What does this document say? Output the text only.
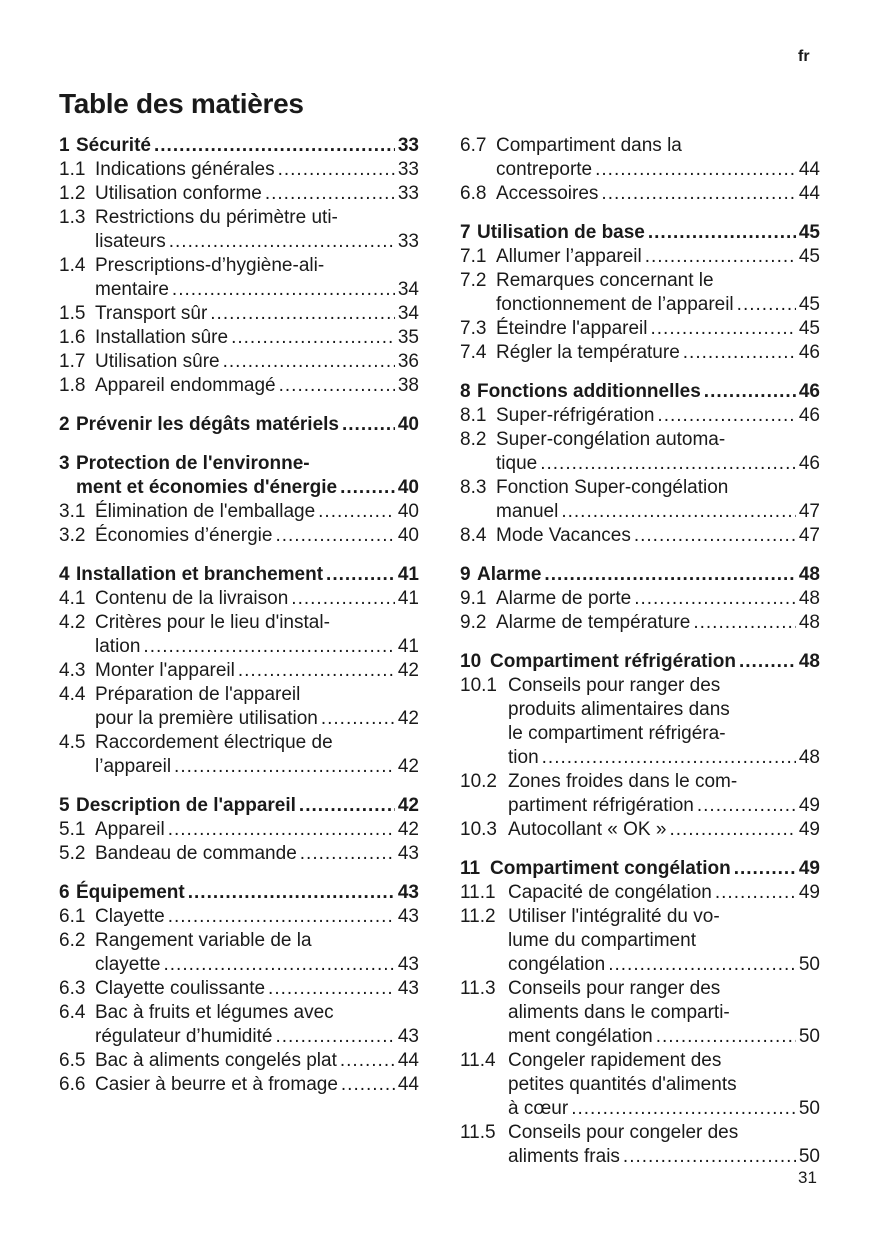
fr
Table des matières
1 Sécurité .....	33
1.1 Indications générales .....	33
1.2 Utilisation conforme .....	33
1.3 Restrictions du périmètre uti-
lisateurs .....	33
1.4 Prescriptions-d’hygiène-ali-
mentaire .....	34
1.5 Transport sûr .....	34
1.6 Installation sûre .....	35
1.7 Utilisation sûre .....	36
1.8 Appareil endommagé .....	38
2 Prévenir les dégâts matériels .....	40
3 Protection de l'environne-
ment et économies d'énergie .....	40
3.1 Élimination de l'emballage .....	40
3.2 Économies d’énergie .....	40
4 Installation et branchement .....	41
4.1 Contenu de la livraison .....	41
4.2 Critères pour le lieu d'instal-
lation .....	41
4.3 Monter l'appareil .....	42
4.4 Préparation de l'appareil
pour la première utilisation .....	42
4.5 Raccordement électrique de
l’appareil .....	42
5 Description de l'appareil .....	42
5.1 Appareil .....	42
5.2 Bandeau de commande .....	43
6 Équipement .....	43
6.1 Clayette .....	43
6.2 Rangement variable de la
clayette .....	43
6.3 Clayette coulissante .....	43
6.4 Bac à fruits et légumes avec
régulateur d’humidité .....	43
6.5 Bac à aliments congelés plat .....	44
6.6 Casier à beurre et à fromage .....	44
6.7 Compartiment dans la
contreporte .....	44
6.8 Accessoires .....	44
7 Utilisation de base .....	45
7.1 Allumer l’appareil .....	45
7.2 Remarques concernant le
fonctionnement de l’appareil .....	45
7.3 Éteindre l'appareil .....	45
7.4 Régler la température .....	46
8 Fonctions additionnelles .....	46
8.1 Super-réfrigération .....	46
8.2 Super-congélation automa-
tique .....	46
8.3 Fonction Super-congélation
manuel .....	47
8.4 Mode Vacances .....	47
9 Alarme .....	48
9.1 Alarme de porte .....	48
9.2 Alarme de température .....	48
10 Compartiment réfrigération .....	48
10.1 Conseils pour ranger des
produits alimentaires dans
le compartiment réfrigéra-
tion .....	48
10.2 Zones froides dans le com-
partiment réfrigération .....	49
10.3 Autocollant « OK » .....	49
11 Compartiment congélation .....	49
11.1 Capacité de congélation .....	49
11.2 Utiliser l'intégralité du vo-
lume du compartiment
congélation .....	50
11.3 Conseils pour ranger des
aliments dans le comparti-
ment congélation .....	50
11.4 Congeler rapidement des
petites quantités d'aliments
à cœur .....	50
11.5 Conseils pour congeler des
aliments frais .....	50
31
